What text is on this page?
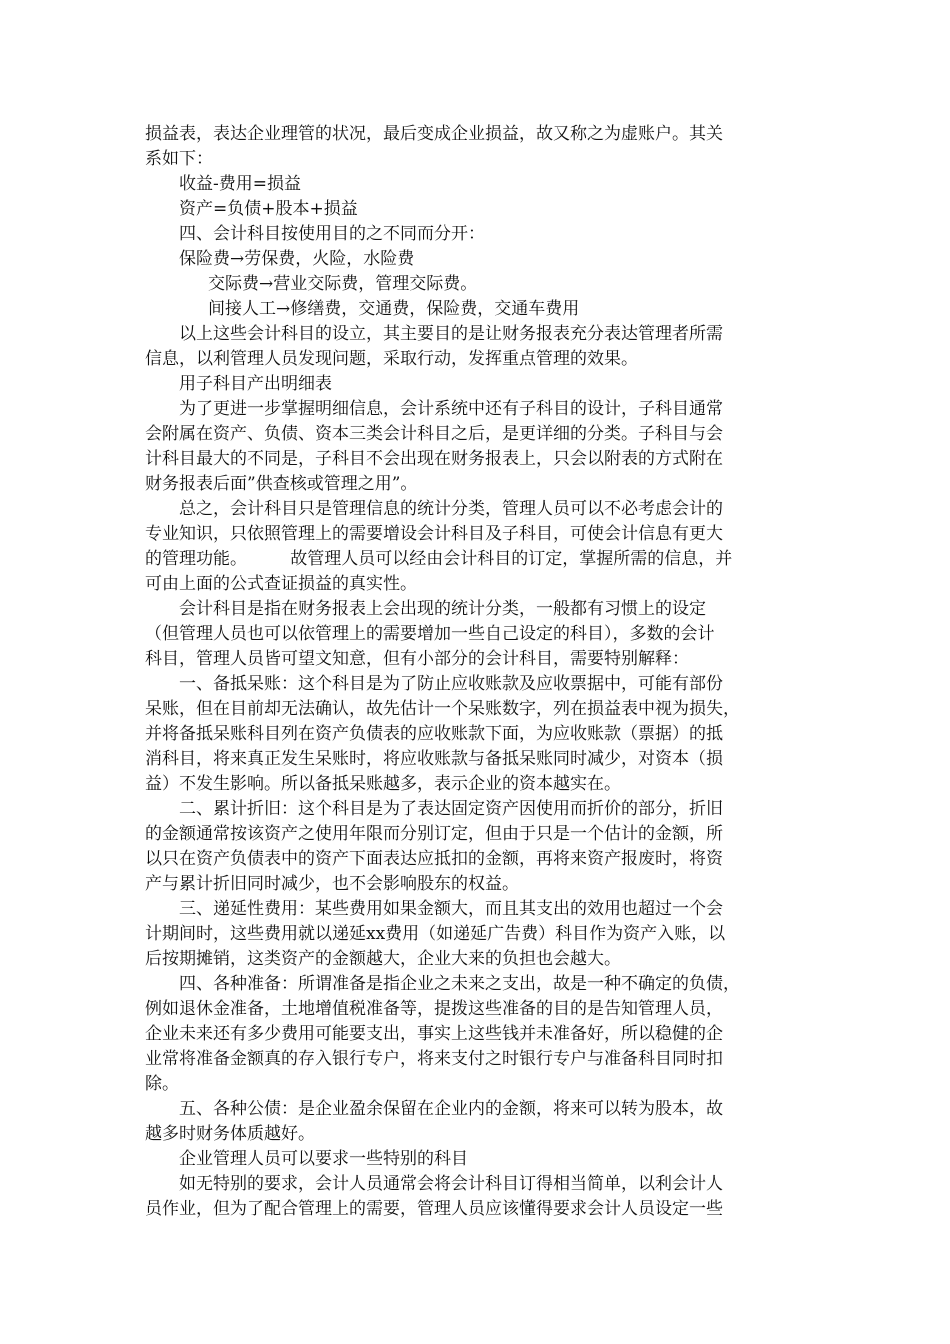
损益表，表达企业理管的状况，最后变成企业损益，故又称之为虚账户。其关
系如下：
收益-费用=损益
资产=负债+股本+损益
四、会计科目按使用目的之不同而分开：
保险费→劳保费，火险，水险费
交际费→营业交际费，管理交际费。
间接人工→修缮费，交通费，保险费，交通车费用
以上这些会计科目的设立，其主要目的是让财务报表充分表达管理者所需
信息，以利管理人员发现问题，采取行动，发挥重点管理的效果。
用子科目产出明细表
为了更进一步掌握明细信息，会计系统中还有子科目的设计，子科目通常
会附属在资产、负债、资本三类会计科目之后，是更详细的分类。子科目与会
计科目最大的不同是，子科目不会出现在财务报表上，只会以附表的方式附在
财务报表后面”供查核或管理之用”。
总之，会计科目只是管理信息的统计分类，管理人员可以不必考虑会计的
专业知识，只依照管理上的需要增设会计科目及子科目，可使会计信息有更大
的管理功能。        故管理人员可以经由会计科目的订定，掌握所需的信息，并
可由上面的公式查证损益的真实性。
会计科目是指在财务报表上会出现的统计分类，一般都有习惯上的设定
（但管理人员也可以依管理上的需要增加一些自己设定的科目），多数的会计
科目，管理人员皆可望文知意，但有小部分的会计科目，需要特别解释：
一、备抵呆账：这个科目是为了防止应收账款及应收票据中，可能有部份
呆账，但在目前却无法确认，故先估计一个呆账数字，列在损益表中视为损失，
并将备抵呆账科目列在资产负债表的应收账款下面，为应收账款（票据）的抵
消科目，将来真正发生呆账时，将应收账款与备抵呆账同时减少，对资本（损
益）不发生影响。所以备抵呆账越多，表示企业的资本越实在。
二、累计折旧：这个科目是为了表达固定资产因使用而折价的部分，折旧
的金额通常按该资产之使用年限而分别订定，但由于只是一个估计的金额，所
以只在资产负债表中的资产下面表达应抵扣的金额，再将来资产报废时，将资
产与累计折旧同时减少，也不会影响股东的权益。
三、递延性费用：某些费用如果金额大，而且其支出的效用也超过一个会
计期间时，这些费用就以递延xx费用（如递延广告费）科目作为资产入账，以
后按期摊销，这类资产的金额越大，企业大来的负担也会越大。
四、各种准备：所谓准备是指企业之未来之支出，故是一种不确定的负债，
例如退休金准备，土地增值税准备等，提拨这些准备的目的是告知管理人员，
企业未来还有多少费用可能要支出，事实上这些钱并未准备好，所以稳健的企
业常将准备金额真的存入银行专户，将来支付之时银行专户与准备科目同时扣
除。
五、各种公债：是企业盈余保留在企业内的金额，将来可以转为股本，故
越多时财务体质越好。
企业管理人员可以要求一些特别的科目
如无特别的要求，会计人员通常会将会计科目订得相当简单，以利会计人
员作业，但为了配合管理上的需要，管理人员应该懂得要求会计人员设定一些
